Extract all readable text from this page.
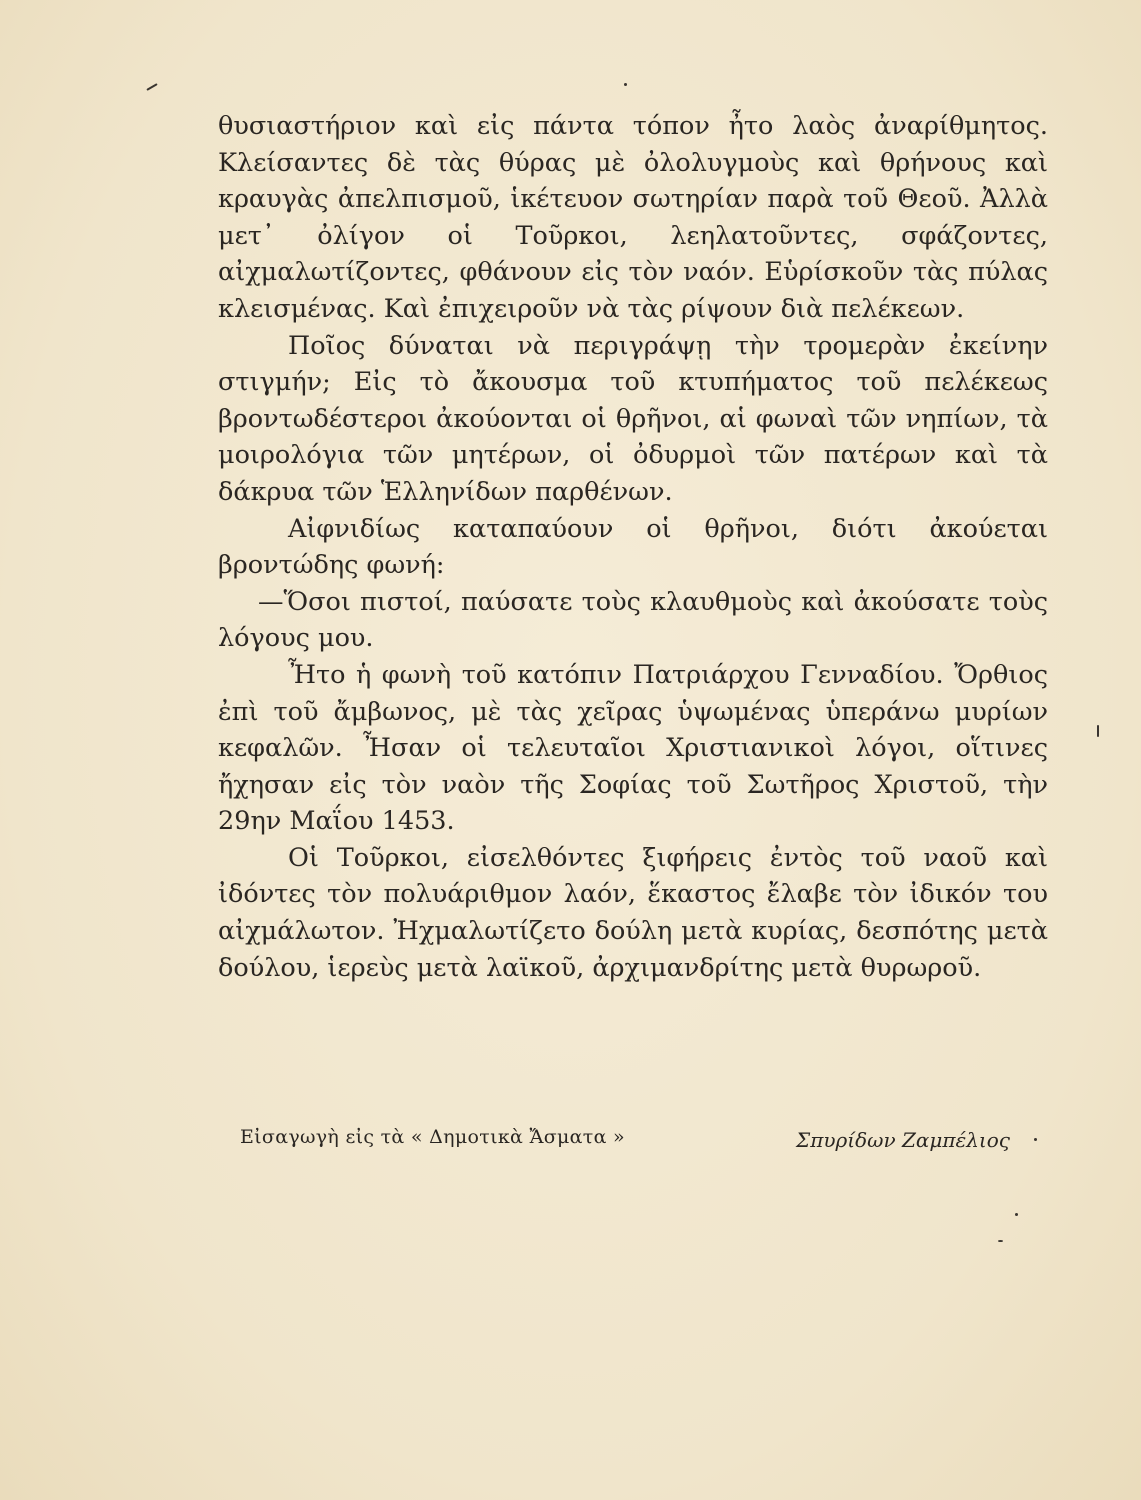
θυσιαστήριον καὶ εἰς πάντα τόπον ἦτο λαὸς ἀναρίθμητος. Κλείσαντες δὲ τὰς θύρας μὲ ὀλολυγμοὺς καὶ θρήνους καὶ κραυγὰς ἀπελπισμοῦ, ἱκέτευον σωτηρίαν παρὰ τοῦ Θεοῦ. Ἀλλὰ μετ᾽ ὀλίγον οἱ Τοῦρκοι, λεηλατοῦντες, σφάζοντες, αἰχμαλωτίζοντες, φθάνουν εἰς τὸν ναόν. Εὑρίσκοῦν τὰς πύλας κλεισμένας. Καὶ ἐπιχειροῦν νὰ τὰς ρίψουν διὰ πελέκεων.

Ποῖος δύναται νὰ περιγράψῃ τὴν τρομερὰν ἐκείνην στιγμήν; Εἰς τὸ ἄκουσμα τοῦ κτυπήματος τοῦ πελέκεως βροντωδέστεροι ἀκούονται οἱ θρῆνοι, αἱ φωναὶ τῶν νηπίων, τὰ μοιρολόγια τῶν μητέρων, οἱ ὀδυρμοὶ τῶν πατέρων καὶ τὰ δάκρυα τῶν Ἑλληνίδων παρθένων.

Αἰφνιδίως καταπαύουν οἱ θρῆνοι, διότι ἀκούεται βροντώδης φωνή:

—Ὅσοι πιστοί, παύσατε τοὺς κλαυθμοὺς καὶ ἀκούσατε τοὺς λόγους μου.

Ἦτο ἡ φωνὴ τοῦ κατόπιν Πατριάρχου Γενναδίου. Ὄρθιος ἐπὶ τοῦ ἄμβωνος, μὲ τὰς χεῖρας ὑψωμένας ὑπεράνω μυρίων κεφαλῶν. Ἦσαν οἱ τελευταῖοι Χριστιανικοὶ λόγοι, οἵτινες ἤχησαν εἰς τὸν ναὸν τῆς Σοφίας τοῦ Σωτῆρος Χριστοῦ, τὴν 29ην Μαΐου 1453.

Οἱ Τοῦρκοι, εἰσελθόντες ξιφήρεις ἐντὸς τοῦ ναοῦ καὶ ἰδόντες τὸν πολυάριθμον λαόν, ἕκαστος ἔλαβε τὸν ἰδικόν του αἰχμάλωτον. Ἠχμαλωτίζετο δούλη μετὰ κυρίας, δεσπότης μετὰ δούλου, ἱερεὺς μετὰ λαϊκοῦ, ἀρχιμανδρίτης μετὰ θυρωροῦ.

Εἰσαγωγὴ εἰς τὰ « Δημοτικὰ Ἄσματα »	Σπυρίδων Ζαμπέλιος
